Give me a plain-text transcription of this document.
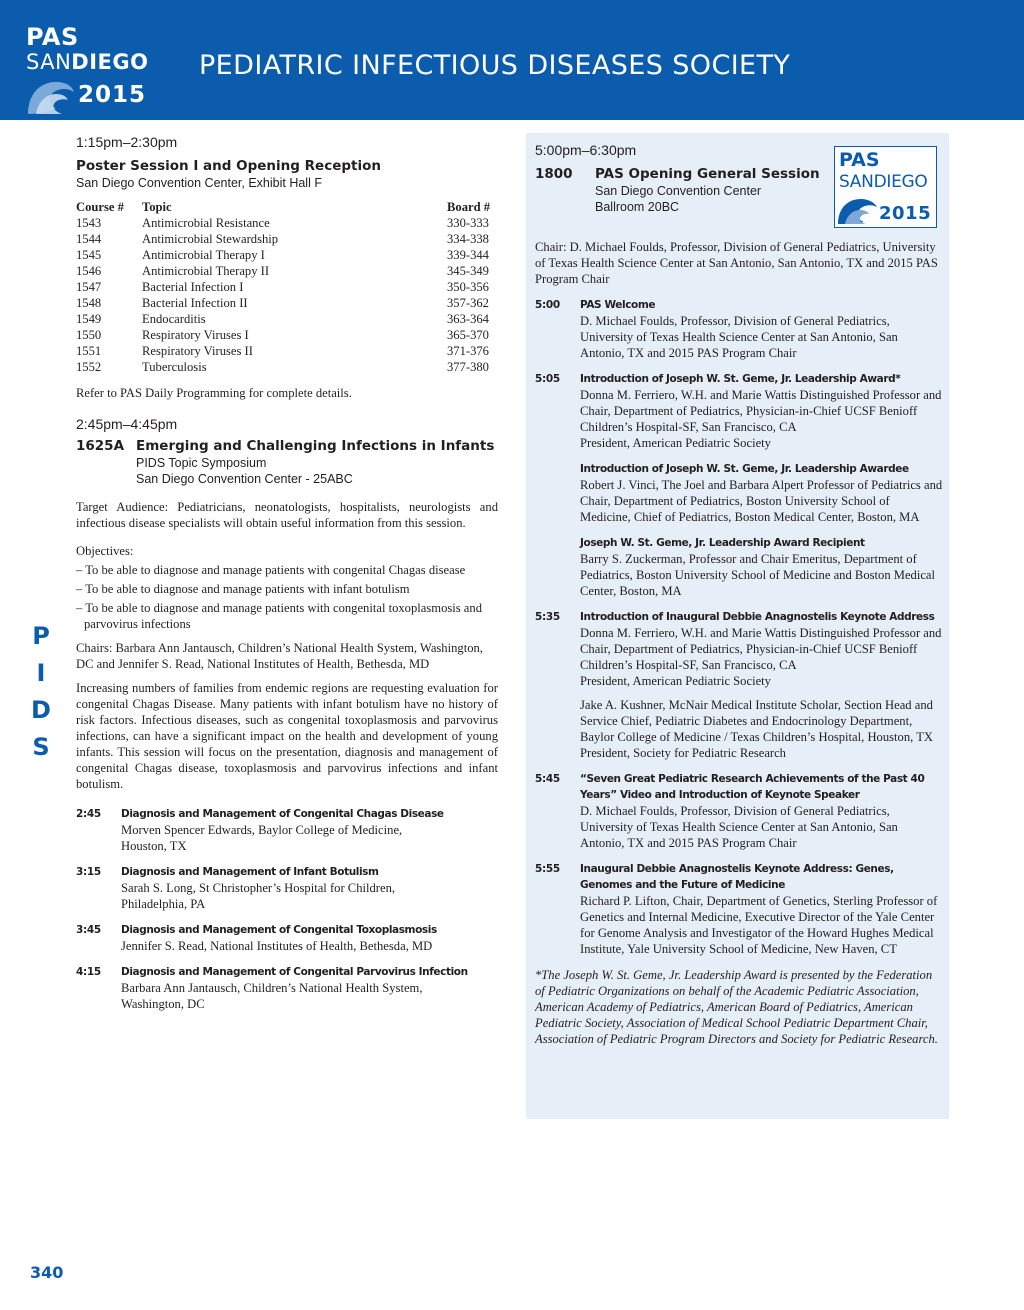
PAS
SANDIEGO
2015
PEDIATRIC INFECTIOUS DISEASES SOCIETY
P
I
D
S
1:15pm–2:30pm
Poster Session I and Opening Reception
San Diego Convention Center, Exhibit Hall F
Course #	Topic	Board #
1543	Antimicrobial Resistance	330-333
1544	Antimicrobial Stewardship	334-338
1545	Antimicrobial Therapy I	339-344
1546	Antimicrobial Therapy II	345-349
1547	Bacterial Infection I	350-356
1548	Bacterial Infection II	357-362
1549	Endocarditis	363-364
1550	Respiratory Viruses I	365-370
1551	Respiratory Viruses II	371-376
1552	Tuberculosis	377-380
Refer to PAS Daily Programming for complete details.
2:45pm–4:45pm
1625A Emerging and Challenging Infections in Infants
PIDS Topic Symposium
San Diego Convention Center - 25ABC
Target Audience: Pediatricians, neonatologists, hospitalists, neurologists and infectious disease specialists will obtain useful information from this session.
Objectives:
– To be able to diagnose and manage patients with congenital Chagas disease
– To be able to diagnose and manage patients with infant botulism
– To be able to diagnose and manage patients with congenital toxoplasmosis and parvovirus infections
Chairs: Barbara Ann Jantausch, Children’s National Health System, Washington, DC and Jennifer S. Read, National Institutes of Health, Bethesda, MD
Increasing numbers of families from endemic regions are requesting evaluation for congenital Chagas Disease. Many patients with infant botulism have no history of risk factors. Infectious diseases, such as congenital toxoplasmosis and parvovirus infections, can have a significant impact on the health and development of young infants. This session will focus on the presentation, diagnosis and management of congenital Chagas disease, toxoplasmosis and parvovirus infections and infant botulism.
2:45	Diagnosis and Management of Congenital Chagas Disease
Morven Spencer Edwards, Baylor College of Medicine, Houston, TX
3:15	Diagnosis and Management of Infant Botulism
Sarah S. Long, St Christopher’s Hospital for Children, Philadelphia, PA
3:45	Diagnosis and Management of Congenital Toxoplasmosis
Jennifer S. Read, National Institutes of Health, Bethesda, MD
4:15	Diagnosis and Management of Congenital Parvovirus Infection
Barbara Ann Jantausch, Children’s National Health System, Washington, DC
PAS
SANDIEGO
2015
5:00pm–6:30pm
1800	PAS Opening General Session
San Diego Convention Center
Ballroom 20BC
Chair: D. Michael Foulds, Professor, Division of General Pediatrics, University of Texas Health Science Center at San Antonio, San Antonio, TX and 2015 PAS Program Chair
5:00	PAS Welcome
D. Michael Foulds, Professor, Division of General Pediatrics, University of Texas Health Science Center at San Antonio, San Antonio, TX and 2015 PAS Program Chair
5:05	Introduction of Joseph W. St. Geme, Jr. Leadership Award*
Donna M. Ferriero, W.H. and Marie Wattis Distinguished Professor and Chair, Department of Pediatrics, Physician-in-Chief UCSF Benioff Children’s Hospital-SF, San Francisco, CA
President, American Pediatric Society
Introduction of Joseph W. St. Geme, Jr. Leadership Awardee
Robert J. Vinci, The Joel and Barbara Alpert Professor of Pediatrics and Chair, Department of Pediatrics, Boston University School of Medicine, Chief of Pediatrics, Boston Medical Center, Boston, MA
Joseph W. St. Geme, Jr. Leadership Award Recipient
Barry S. Zuckerman, Professor and Chair Emeritus, Department of Pediatrics, Boston University School of Medicine and Boston Medical Center, Boston, MA
5:35	Introduction of Inaugural Debbie Anagnostelis Keynote Address
Donna M. Ferriero, W.H. and Marie Wattis Distinguished Professor and Chair, Department of Pediatrics, Physician-in-Chief UCSF Benioff Children’s Hospital-SF, San Francisco, CA
President, American Pediatric Society
Jake A. Kushner, McNair Medical Institute Scholar, Section Head and Service Chief, Pediatric Diabetes and Endocrinology Department, Baylor College of Medicine / Texas Children’s Hospital, Houston, TX
President, Society for Pediatric Research
5:45	“Seven Great Pediatric Research Achievements of the Past 40 Years” Video and Introduction of Keynote Speaker
D. Michael Foulds, Professor, Division of General Pediatrics, University of Texas Health Science Center at San Antonio, San Antonio, TX and 2015 PAS Program Chair
5:55	Inaugural Debbie Anagnostelis Keynote Address: Genes, Genomes and the Future of Medicine
Richard P. Lifton, Chair, Department of Genetics, Sterling Professor of Genetics and Internal Medicine, Executive Director of the Yale Center for Genome Analysis and Investigator of the Howard Hughes Medical Institute, Yale University School of Medicine, New Haven, CT
*The Joseph W. St. Geme, Jr. Leadership Award is presented by the Federation of Pediatric Organizations on behalf of the Academic Pediatric Association, American Academy of Pediatrics, American Board of Pediatrics, American Pediatric Society, Association of Medical School Pediatric Department Chair, Association of Pediatric Program Directors and Society for Pediatric Research.
340
